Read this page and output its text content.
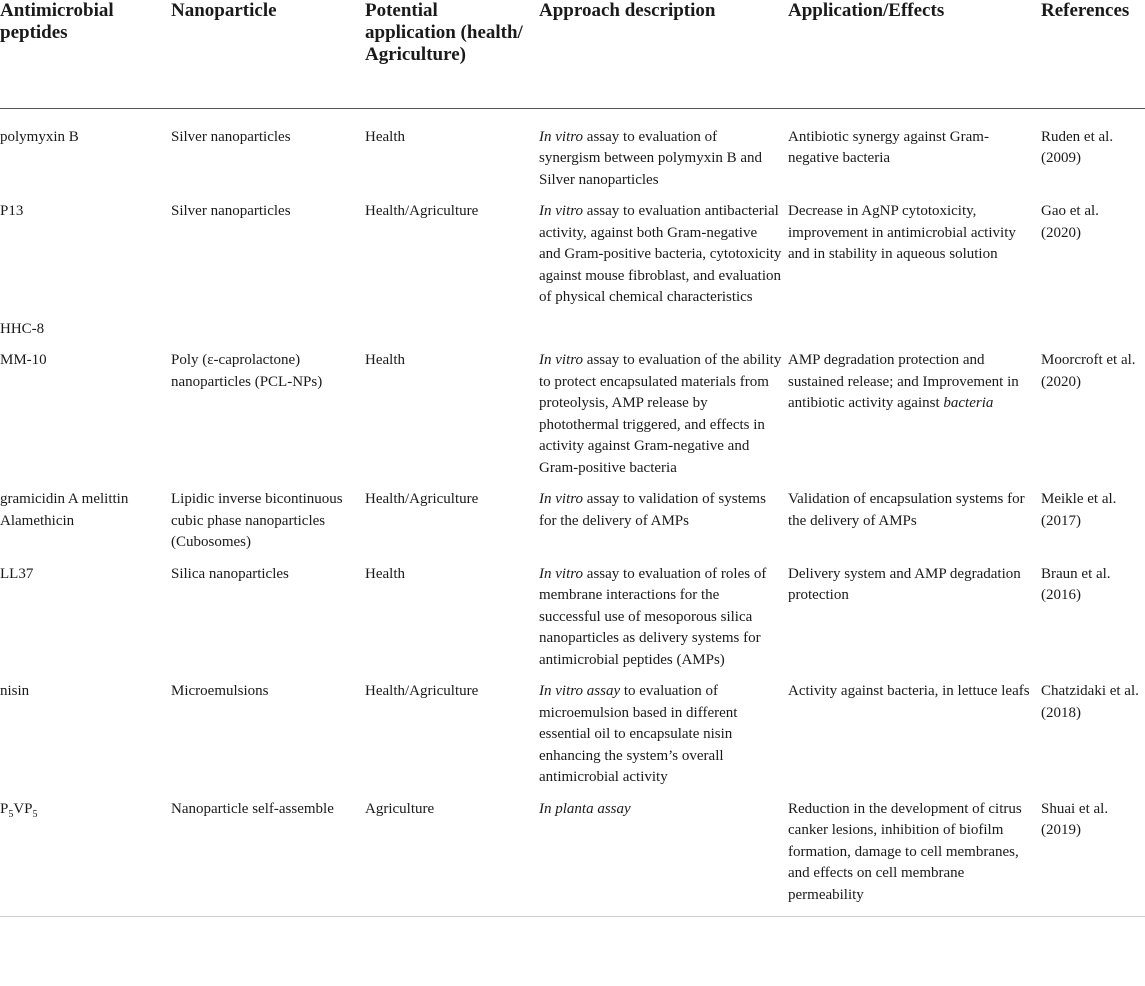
Antimicrobial peptides	Nanoparticle	Potential application (health/ Agriculture)	Approach description	Application/Effects	References
polymyxin B	Silver nanoparticles	Health	In vitro assay to evaluation of synergism between polymyxin B and Silver nanoparticles	Antibiotic synergy against Gram-negative bacteria	Ruden et al. (2009)
P13	Silver nanoparticles	Health/Agriculture	In vitro assay to evaluation antibacterial activity, against both Gram-negative and Gram-positive bacteria, cytotoxicity against mouse fibroblast, and evaluation of physical chemical characteristics	Decrease in AgNP cytotoxicity, improvement in antimicrobial activity and in stability in aqueous solution	Gao et al. (2020)
HHC-8					
MM-10	Poly (ε-caprolactone) nanoparticles (PCL-NPs)	Health	In vitro assay to evaluation of the ability to protect encapsulated materials from proteolysis, AMP release by photothermal triggered, and effects in activity against Gram-negative and Gram-positive bacteria	AMP degradation protection and sustained release; and Improvement in antibiotic activity against bacteria	Moorcroft et al. (2020)
gramicidin A melittin Alamethicin	Lipidic inverse bicontinuous cubic phase nanoparticles (Cubosomes)	Health/Agriculture	In vitro assay to validation of systems for the delivery of AMPs	Validation of encapsulation systems for the delivery of AMPs	Meikle et al. (2017)
LL37	Silica nanoparticles	Health	In vitro assay to evaluation of roles of membrane interactions for the successful use of mesoporous silica nanoparticles as delivery systems for antimicrobial peptides (AMPs)	Delivery system and AMP degradation protection	Braun et al. (2016)
nisin	Microemulsions	Health/Agriculture	In vitro assay to evaluation of microemulsion based in different essential oil to encapsulate nisin enhancing the system’s overall antimicrobial activity	Activity against bacteria, in lettuce leafs	Chatzidaki et al. (2018)
$P_5VP_5$	Nanoparticle self-assemble	Agriculture	In planta assay	Reduction in the development of citrus canker lesions, inhibition of biofilm formation, damage to cell membranes, and effects on cell membrane permeability	Shuai et al. (2019)
